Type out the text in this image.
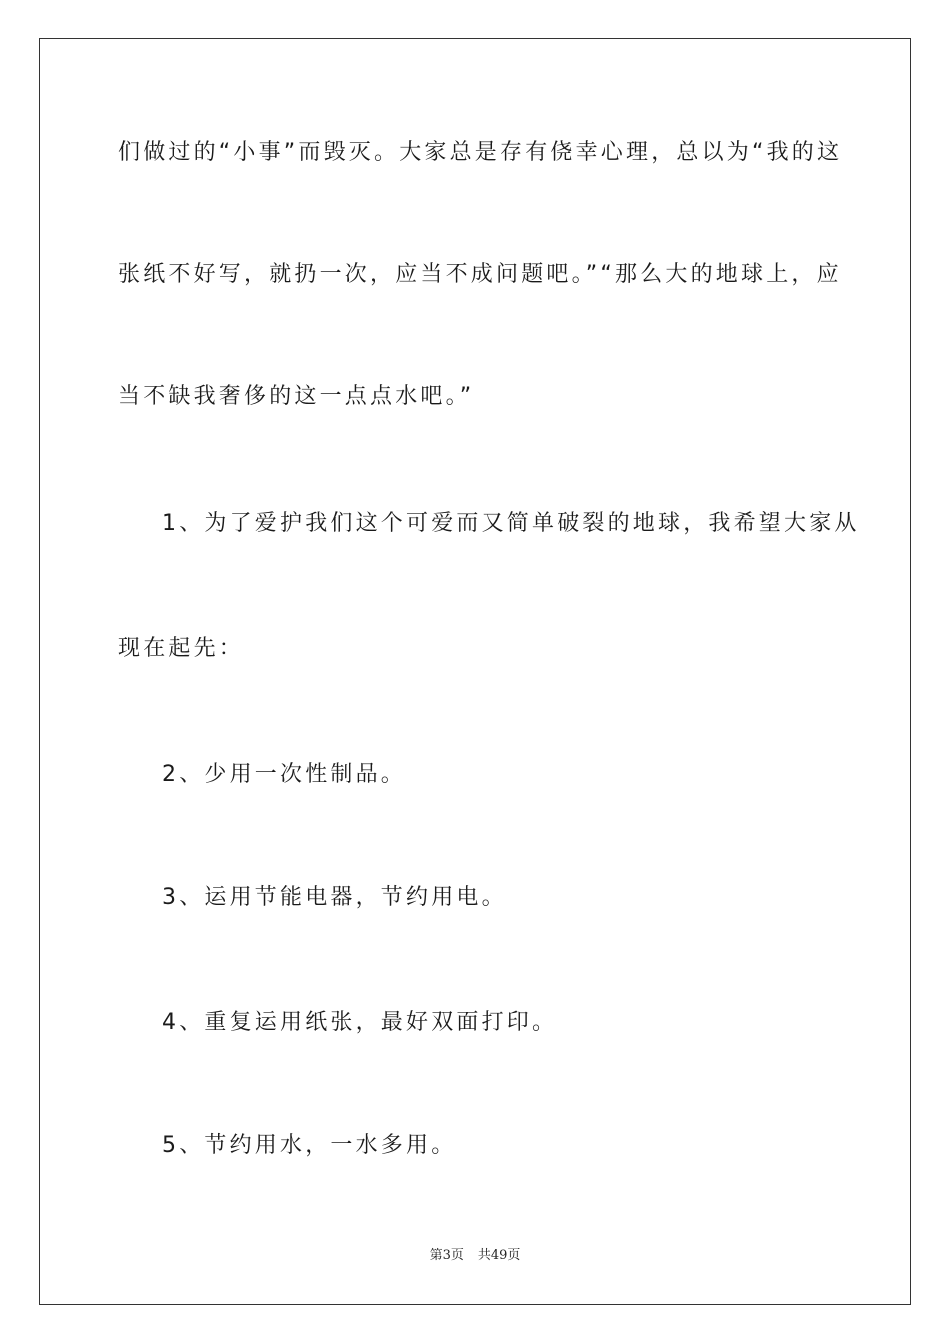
们做过的“小事”而毁灭。大家总是存有侥幸心理，总以为“我的这
张纸不好写，就扔一次，应当不成问题吧。”“那么大的地球上，应
当不缺我奢侈的这一点点水吧。”
1、为了爱护我们这个可爱而又简单破裂的地球，我希望大家从
现在起先：
2、少用一次性制品。
3、运用节能电器，节约用电。
4、重复运用纸张，最好双面打印。
5、节约用水，一水多用。
第3页 共49页
